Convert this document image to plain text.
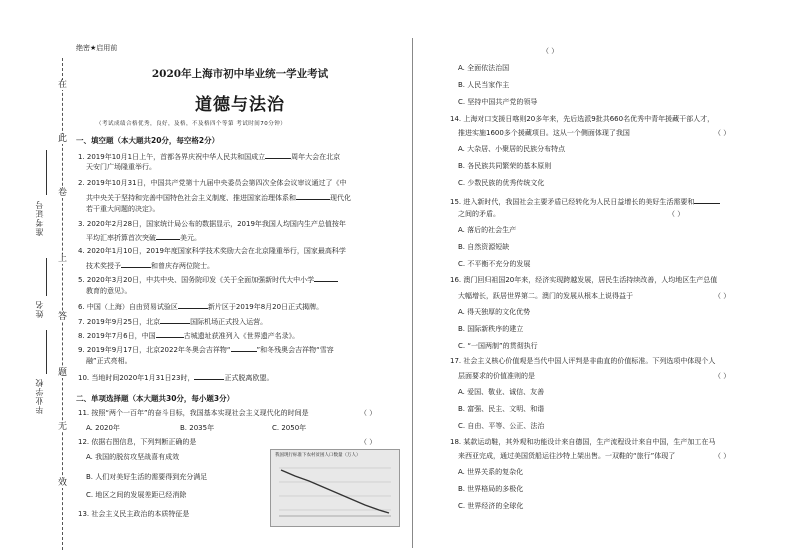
在
此
卷
上
答
题
无
效
准考证号
姓名
毕业学校
绝密★启用前
2020年上海市初中毕业统一学业考试
道德与法治
（考试成绩合格优秀，良好，及格，不及格四个等第 考试时间70分钟）
一、填空题（本大题共20分，每空格2分）
1. 2019年10月1日上午，首都各界庆祝中华人民共和国成立	周年大会在北京
天安门广场隆重举行。
2. 2019年10月31日，中国共产党第十九届中央委员会第四次全体会议审议通过了《中
共中央关于坚持和完善中国特色社会主义制度、推进国家治理体系和	现代化
若干重大问题的决定》。
3. 2020年2月28日，国家统计局公布的数据显示，2019年我国人均国内生产总值按年
平均汇率折算首次突破	美元。
4. 2020年1月10日，2019年度国家科学技术奖励大会在北京隆重举行，国家最高科学
技术奖授予	和曾庆存两位院士。
5. 2020年3月20日，中共中央、国务院印发《关于全面加强新时代大中小学
教育的意见》。
6. 中国（上海）自由贸易试验区	新片区于2019年8月20日正式揭牌。
7. 2019年9月25日，北京	国际机场正式投入运营。
8. 2019年7月6日，中国	古城遗址获准列入《世界遗产名录》。
9. 2019年9月17日，北京2022年冬奥会吉祥物“	”和冬残奥会吉祥物“雪容
融”正式亮相。
10. 当地时间2020年1月31日23时，	正式脱离欧盟。
二、单项选择题（本大题共30分，每小题3分）
11. 按照“两个一百年”的奋斗目标，我国基本实现社会主义现代化的时间是	（ ）
A. 2020年	B. 2035年	C. 2050年
12. 依据右图信息，下列判断正确的是	（ ）
A. 我国的脱贫攻坚战喜有成效
B. 人们对美好生活的需要得到充分满足
C. 地区之间的发展差距已经消除
我国现行标准下农村贫困人口数量（万人）
13. 社会主义民主政治的本质特征是
（ ）
A. 全面依法治国
B. 人民当家作主
C. 坚持中国共产党的领导
14. 上海对口支援日喀则20多年来，先后选派9批共660名优秀中青年援藏干部人才，
推进实施1600多个援藏项目。这从一个侧面体现了我国	（ ）
A. 大杂居、小聚居的民族分布特点
B. 各民族共同繁荣的基本原则
C. 少数民族的优秀传统文化
15. 进入新时代，我国社会主要矛盾已经转化为人民日益增长的美好生活需要和
之间的矛盾。	（ ）
A. 落后的社会生产
B. 自然资源短缺
C. 不平衡不充分的发展
16. 澳门回归祖国20年来，经济实现跨越发展，居民生活持续改善，人均地区生产总值
大幅增长，跃居世界第二。澳门的发展从根本上说得益于	（ ）
A. 得天独厚的文化优势
B. 国际新秩序的建立
C. “一国两制”的贯彻执行
17. 社会主义核心价值观是当代中国人评判是非曲直的价值标准。下列选项中体现个人
层面要求的价值准则的是	（ ）
A. 爱国、敬业、诚信、友善
B. 富强、民主、文明、和谐
C. 自由、平等、公正、法治
18. 某款运动鞋，其外观和功能设计来自德国，生产流程设计来自中国，生产加工在马
来西亚完成，通过美国货船运往沙特上架出售。一双鞋的“旅行”体现了	（ ）
A. 世界关系的复杂化
B. 世界格局的多极化
C. 世界经济的全球化
